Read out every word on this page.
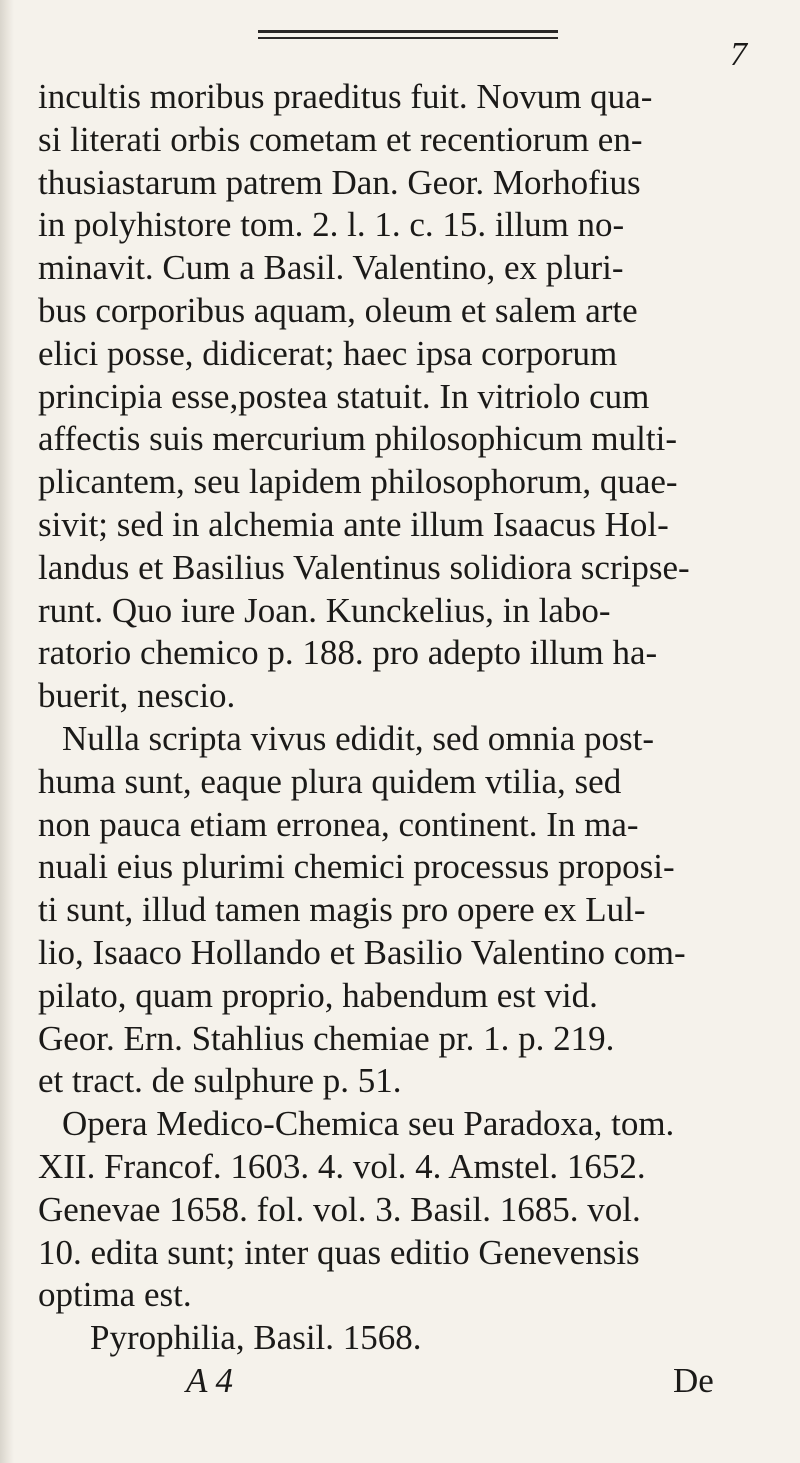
7
incultis moribus praeditus fuit. Novum qua-
si literati orbis cometam et recentiorum en-
thusiastarum patrem Dan. Geor. Morhofius
in polyhistore tom. 2. l. 1. c. 15. illum no-
minavit. Cum a Basil. Valentino, ex pluri-
bus corporibus aquam, oleum et salem arte
elici posse, didicerat; haec ipsa corporum
principia esse,postea statuit. In vitriolo cum
affectis suis mercurium philosophicum multi-
plicantem, seu lapidem philosophorum, quae-
sivit; sed in alchemia ante illum Isaacus Hol-
landus et Basilius Valentinus solidiora scripse-
runt. Quo iure Joan. Kunckelius, in labo-
ratorio chemico p. 188. pro adepto illum ha-
buerit, nescio.
Nulla scripta vivus edidit, sed omnia post-
huma sunt, eaque plura quidem vtilia, sed
non pauca etiam erronea, continent. In ma-
nuali eius plurimi chemici processus proposi-
ti sunt, illud tamen magis pro opere ex Lul-
lio, Isaaco Hollando et Basilio Valentino com-
pilato, quam proprio, habendum est vid.
Geor. Ern. Stahlius chemiae pr. 1. p. 219.
et tract. de sulphure p. 51.
Opera Medico-Chemica seu Paradoxa, tom.
XII. Francof. 1603. 4. vol. 4. Amstel. 1652.
Genevae 1658. fol. vol. 3. Basil. 1685. vol.
10. edita sunt; inter quas editio Genevensis
optima est.
Pyrophilia, Basil. 1568.
A 4	De
